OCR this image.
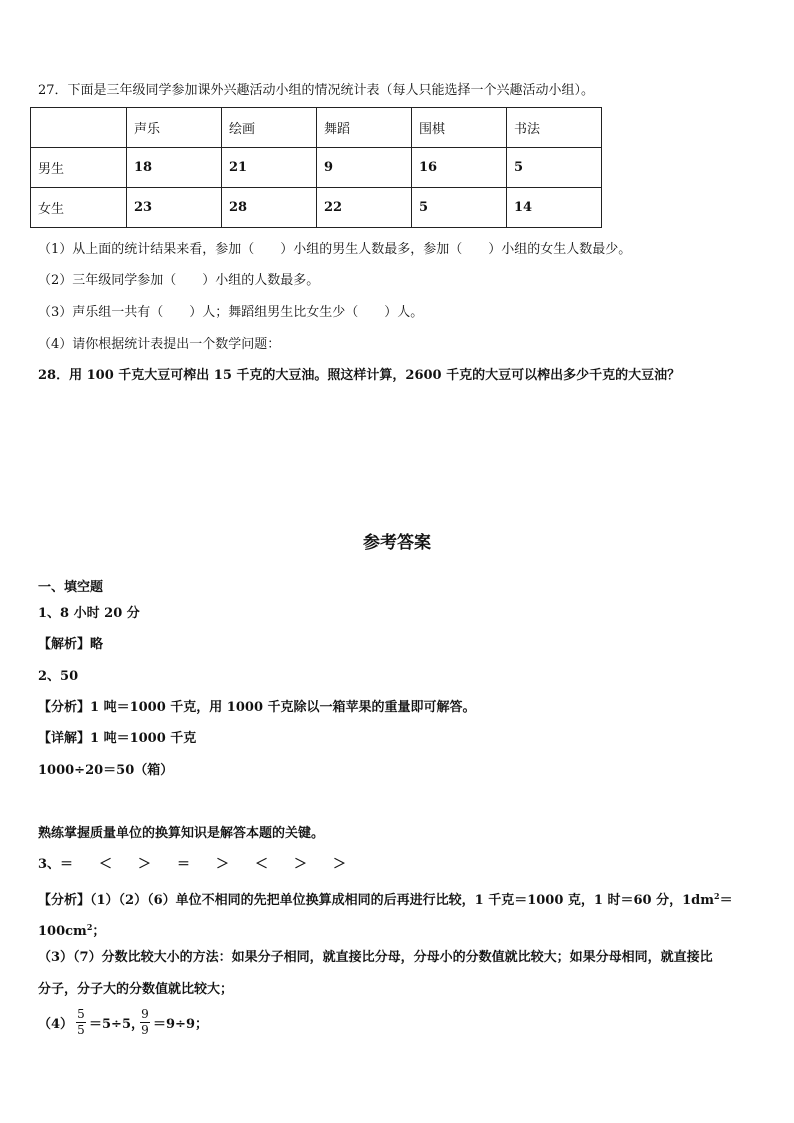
27．下面是三年级同学参加课外兴趣活动小组的情况统计表（每人只能选择一个兴趣活动小组）。
	声乐	绘画	舞蹈	围棋	书法
男生	18	21	9	16	5
女生	23	28	22	5	14
（1）从上面的统计结果来看，参加（　　）小组的男生人数最多，参加（　　）小组的女生人数最少。
（2）三年级同学参加（　　）小组的人数最多。
（3）声乐组一共有（　　）人；舞蹈组男生比女生少（　　）人。
（4）请你根据统计表提出一个数学问题：
28．用 100 千克大豆可榨出 15 千克的大豆油。照这样计算，2600 千克的大豆可以榨出多少千克的大豆油？
参考答案
一、填空题
1、8 小时 20 分
【解析】略
2、50
【分析】1 吨＝1000 千克，用 1000 千克除以一箱苹果的重量即可解答。
【详解】1 吨＝1000 千克
1000÷20＝50（箱）
熟练掌握质量单位的换算知识是解答本题的关键。
3、＝　　＜　　＞　　＝　　＞　　＜　　＞　　＞
【分析】（1）（2）（6）单位不相同的先把单位换算成相同的后再进行比较，1 千克＝1000 克，1 时＝60 分，$1dm^2=$
$100cm^2$；
（3）（7）分数比较大小的方法：如果分子相同，就直接比分母，分母小的分数值就比较大；如果分母相同，就直接比
分子，分子大的分数值就比较大；
（4）
5
5 ＝5÷5，
9
9 ＝9÷9；
